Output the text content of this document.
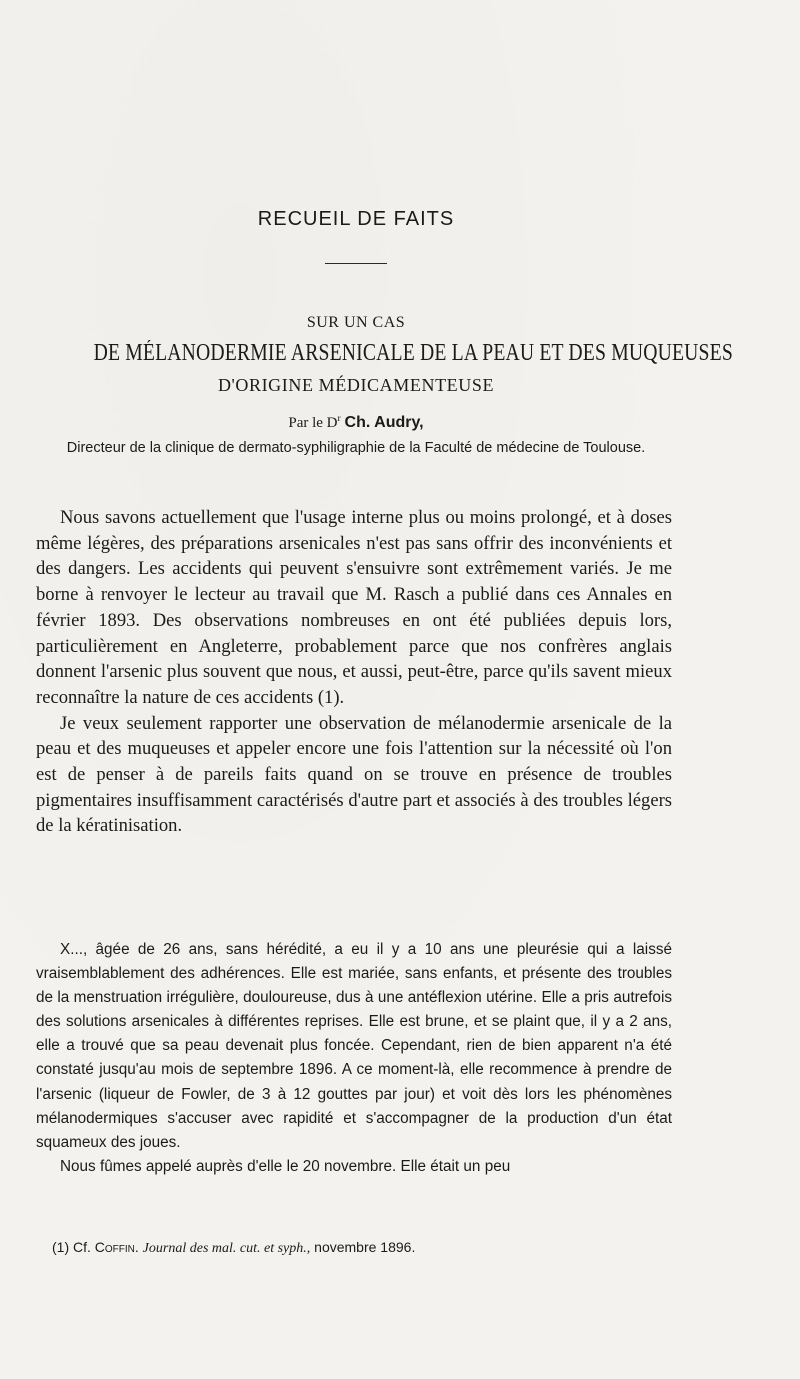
RECUEIL DE FAITS
SUR UN CAS
DE MÉLANODERMIE ARSENICALE DE LA PEAU ET DES MUQUEUSES
D'ORIGINE MÉDICAMENTEUSE
Par le $D^r$ Ch. Audry,
Directeur de la clinique de dermato-syphiligraphie de la Faculté de médecine de Toulouse.

Nous savons actuellement que l'usage interne plus ou moins prolongé, et à doses même légères, des préparations arsenicales n'est pas sans offrir des inconvénients et des dangers. Les accidents qui peuvent s'ensuivre sont extrêmement variés. Je me borne à renvoyer le lecteur au travail que M. Rasch a publié dans ces Annales en février 1893. Des observations nombreuses en ont été publiées depuis lors, particulièrement en Angleterre, probablement parce que nos confrères anglais donnent l'arsenic plus souvent que nous, et aussi, peut-être, parce qu'ils savent mieux reconnaître la nature de ces accidents (1).

Je veux seulement rapporter une observation de mélanodermie arsenicale de la peau et des muqueuses et appeler encore une fois l'attention sur la nécessité où l'on est de penser à de pareils faits quand on se trouve en présence de troubles pigmentaires insuffisamment caractérisés d'autre part et associés à des troubles légers de la kératinisation.

X..., âgée de 26 ans, sans hérédité, a eu il y a 10 ans une pleurésie qui a laissé vraisemblablement des adhérences. Elle est mariée, sans enfants, et présente des troubles de la menstruation irrégulière, douloureuse, dus à une antéflexion utérine. Elle a pris autrefois des solutions arsenicales à différentes reprises. Elle est brune, et se plaint que, il y a 2 ans, elle a trouvé que sa peau devenait plus foncée. Cependant, rien de bien apparent n'a été constaté jusqu'au mois de septembre 1896. A ce moment-là, elle recommence à prendre de l'arsenic (liqueur de Fowler, de 3 à 12 gouttes par jour) et voit dès lors les phénomènes mélanodermiques s'accuser avec rapidité et s'accompagner de la production d'un état squameux des joues.

Nous fûmes appelé auprès d'elle le 20 novembre. Elle était un peu

(1) Cf. Coffin. Journal des mal. cut. et syph., novembre 1896.
